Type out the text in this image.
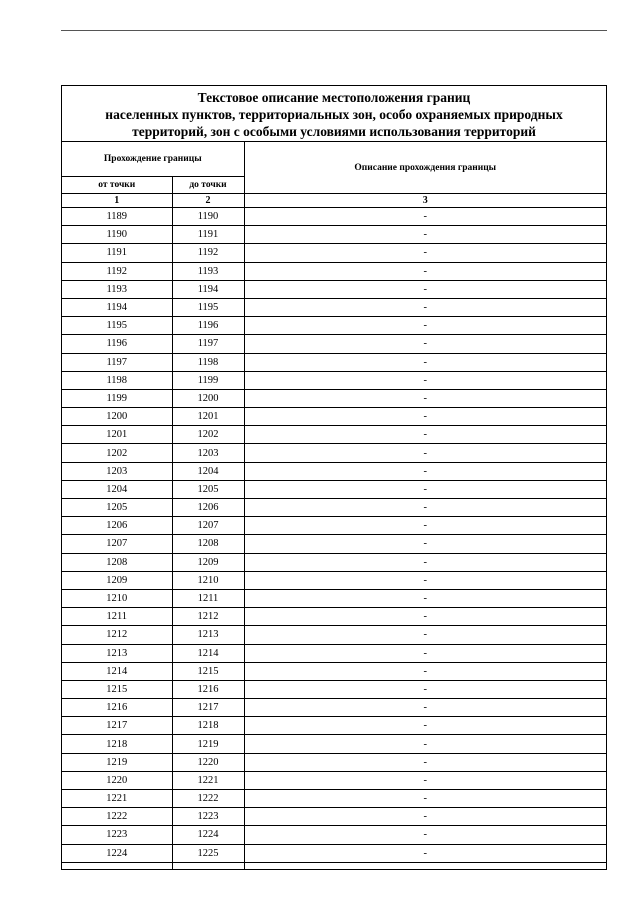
Текстовое описание местоположения границ
населенных пунктов, территориальных зон, особо охраняемых природных
территорий, зон с особыми условиями использования территорий
Прохождение границы		Описание прохождения границы
от точки	до точки	
1	2	3
1189	1190	-
1190	1191	-
1191	1192	-
1192	1193	-
1193	1194	-
1194	1195	-
1195	1196	-
1196	1197	-
1197	1198	-
1198	1199	-
1199	1200	-
1200	1201	-
1201	1202	-
1202	1203	-
1203	1204	-
1204	1205	-
1205	1206	-
1206	1207	-
1207	1208	-
1208	1209	-
1209	1210	-
1210	1211	-
1211	1212	-
1212	1213	-
1213	1214	-
1214	1215	-
1215	1216	-
1216	1217	-
1217	1218	-
1218	1219	-
1219	1220	-
1220	1221	-
1221	1222	-
1222	1223	-
1223	1224	-
1224	1225	-
